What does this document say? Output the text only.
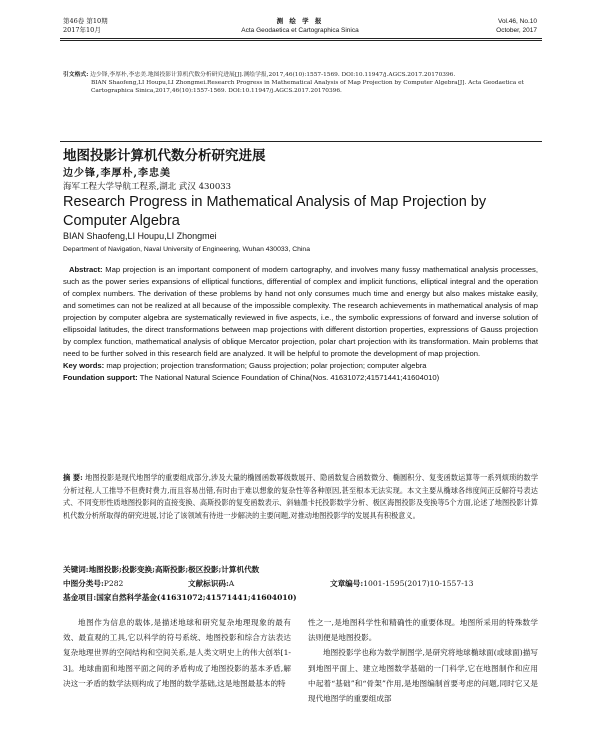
第46卷 第10期
2017年10月
测 绘 学 报
Acta Geodaetica et Cartographica Sinica
Vol.46, No.10
October, 2017
引文格式: 边少锋,李厚朴,李忠美.地图投影计算机代数分析研究进展[J].测绘学报,2017,46(10):1557-1569. DOI:10.11947/j.AGCS.2017.20170396.
BIAN Shaofeng,LI Houpu,LI Zhongmei.Research Progress in Mathematical Analysis of Map Projection by Computer Algebra[J]. Acta Geodaetica et Cartographica Sinica,2017,46(10):1557-1569. DOI:10.11947/j.AGCS.2017.20170396.
地图投影计算机代数分析研究进展
边少锋,李厚朴,李忠美
海军工程大学导航工程系,湖北 武汉 430033
Research Progress in Mathematical Analysis of Map Projection by Computer Algebra
BIAN Shaofeng,LI Houpu,LI Zhongmei
Department of Navigation, Naval University of Engineering, Wuhan 430033, China
Abstract: Map projection is an important component of modern cartography, and involves many fussy mathematical analysis processes, such as the power series expansions of elliptical functions, differential of complex and implicit functions, elliptical integral and the operation of complex numbers. The derivation of these problems by hand not only consumes much time and energy but also makes mistake easily, and sometimes can not be realized at all because of the impossible complexity. The research achievements in mathematical analysis of map projection by computer algebra are systematically reviewed in five aspects, i.e., the symbolic expressions of forward and inverse solution of ellipsoidal latitudes, the direct transformations between map projections with different distortion properties, expressions of Gauss projection by complex function, mathematical analysis of oblique Mercator projection, polar chart projection with its transformation. Main problems that need to be further solved in this research field are analyzed. It will be helpful to promote the development of map projection.
Key words: map projection; projection transformation; Gauss projection; polar projection; computer algebra
Foundation support: The National Natural Science Foundation of China(Nos. 41631072;41571441;41604010)
摘 要: 地图投影是现代地图学的重要组成部分,涉及大量的椭圆函数幂级数展开、隐函数复合函数微分、椭圆积分、复变函数运算等一系列烦琐的数学分析过程,人工推导不但费时费力,而且容易出错,有时由于难以想象的复杂性等各种原因,甚至根本无法实现。本文主要从椭球各纬度间正反解符号表达式、不同变形性质地图投影间的直接变换、高斯投影的复变函数表示、斜轴墨卡托投影数学分析、极区海图投影及变换等5个方面,论述了地图投影计算机代数分析所取得的研究进展,讨论了该领域有待进一步解决的主要问题,对推动地图投影学的发展具有积极意义。
关键词:地图投影;投影变换;高斯投影;极区投影;计算机代数
中图分类号:P282	文献标识码:A	文章编号:1001-1595(2017)10-1557-13
基金项目:国家自然科学基金(41631072;41571441;41604010)
地图作为信息的载体,是描述地球和研究复杂地理现象的最有效、最直观的工具,它以科学的符号系统、地图投影和综合方法表达复杂地理世界的空间结构和空间关系,是人类文明史上的伟大创举[1-3]。地球曲面和地图平面之间的矛盾构成了地图投影的基本矛盾,解决这一矛盾的数学法则构成了地图的数学基础,这是地图最基本的特
性之一,是地图科学性和精确性的重要体现。地图所采用的特殊数学法则便是地图投影。
地图投影学也称为数学制图学,是研究将地球椭球面(或球面)描写到地图平面上、建立地图数学基础的一门科学,它在地图制作和应用中起着“基础”和“骨架”作用,是地图编制首要考虑的问题,同时它又是现代地图学的重要组成部
